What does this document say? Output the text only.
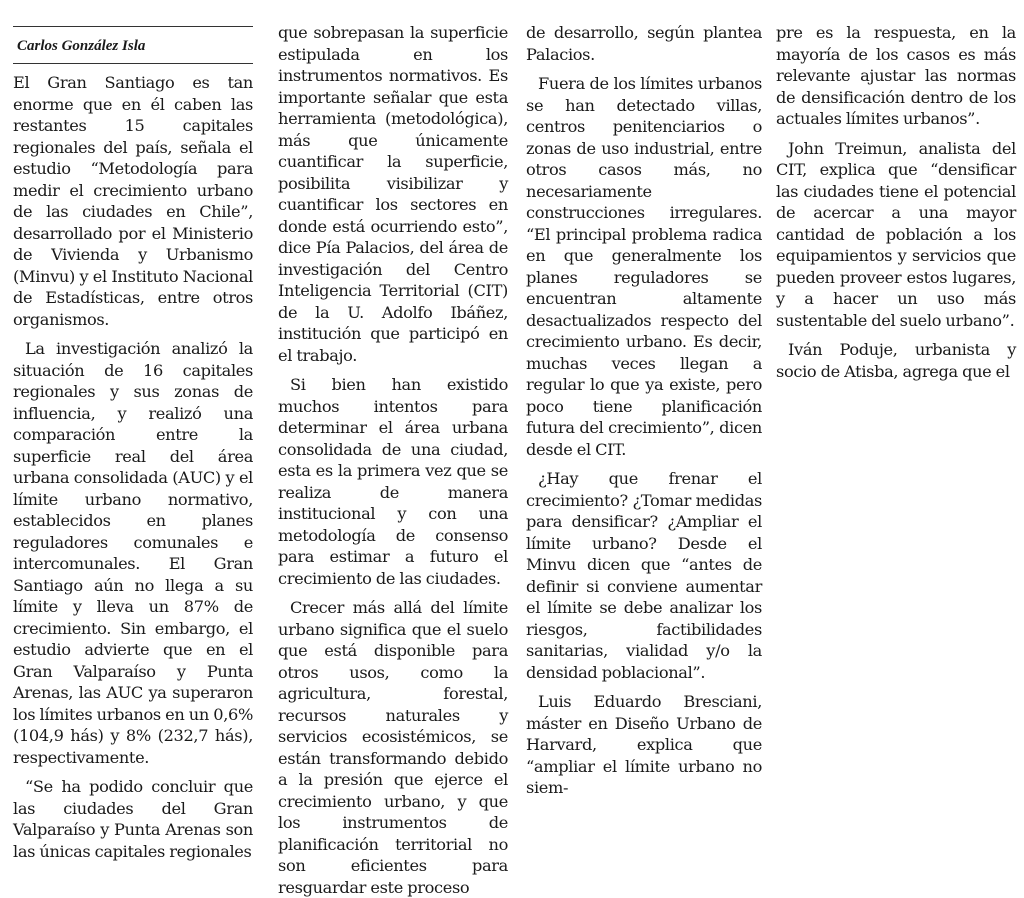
Carlos González Isla

El Gran Santiago es tan enorme que en él caben las restantes 15 capitales regionales del país, señala el estudio “Metodología para medir el crecimiento urbano de las ciudades en Chile”, desarrollado por el Ministerio de Vivienda y Urbanismo (Minvu) y el Instituto Nacional de Estadísticas, entre otros organismos.

La investigación analizó la situación de 16 capitales regionales y sus zonas de influencia, y realizó una comparación entre la superficie real del área urbana consolidada (AUC) y el límite urbano normativo, establecidos en planes reguladores comunales e intercomunales. El Gran Santiago aún no llega a su límite y lleva un 87% de crecimiento. Sin embargo, el estudio advierte que en el Gran Valparaíso y Punta Arenas, las AUC ya superaron los límites urbanos en un 0,6% (104,9 hás) y 8% (232,7 hás), respectivamente.

“Se ha podido concluir que las ciudades del Gran Valparaíso y Punta Arenas son las únicas capitales regionales

que sobrepasan la superficie estipulada en los instrumentos normativos. Es importante señalar que esta herramienta (metodológica), más que únicamente cuantificar la superficie, posibilita visibilizar y cuantificar los sectores en donde está ocurriendo esto”, dice Pía Palacios, del área de investigación del Centro Inteligencia Territorial (CIT) de la U. Adolfo Ibáñez, institución que participó en el trabajo.

Si bien han existido muchos intentos para determinar el área urbana consolidada de una ciudad, esta es la primera vez que se realiza de manera institucional y con una metodología de consenso para estimar a futuro el crecimiento de las ciudades.

Crecer más allá del límite urbano significa que el suelo que está disponible para otros usos, como la agricultura, forestal, recursos naturales y servicios ecosistémicos, se están transformando debido a la presión que ejerce el crecimiento urbano, y que los instrumentos de planificación territorial no son eficientes para resguardar este proceso

de desarrollo, según plantea Palacios.

Fuera de los límites urbanos se han detectado villas, centros penitenciarios o zonas de uso industrial, entre otros casos más, no necesariamente construcciones irregulares. “El principal problema radica en que generalmente los planes reguladores se encuentran altamente desactualizados respecto del crecimiento urbano. Es decir, muchas veces llegan a regular lo que ya existe, pero poco tiene planificación futura del crecimiento”, dicen desde el CIT.

¿Hay que frenar el crecimiento? ¿Tomar medidas para densificar? ¿Ampliar el límite urbano? Desde el Minvu dicen que “antes de definir si conviene aumentar el límite se debe analizar los riesgos, factibilidades sanitarias, vialidad y/o la densidad poblacional”.

Luis Eduardo Bresciani, máster en Diseño Urbano de Harvard, explica que “ampliar el límite urbano no siem-

pre es la respuesta, en la mayoría de los casos es más relevante ajustar las normas de densificación dentro de los actuales límites urbanos”.

John Treimun, analista del CIT, explica que “densificar las ciudades tiene el potencial de acercar a una mayor cantidad de población a los equipamientos y servicios que pueden proveer estos lugares, y a hacer un uso más sustentable del suelo urbano”.

Iván Poduje, urbanista y socio de Atisba, agrega que el
